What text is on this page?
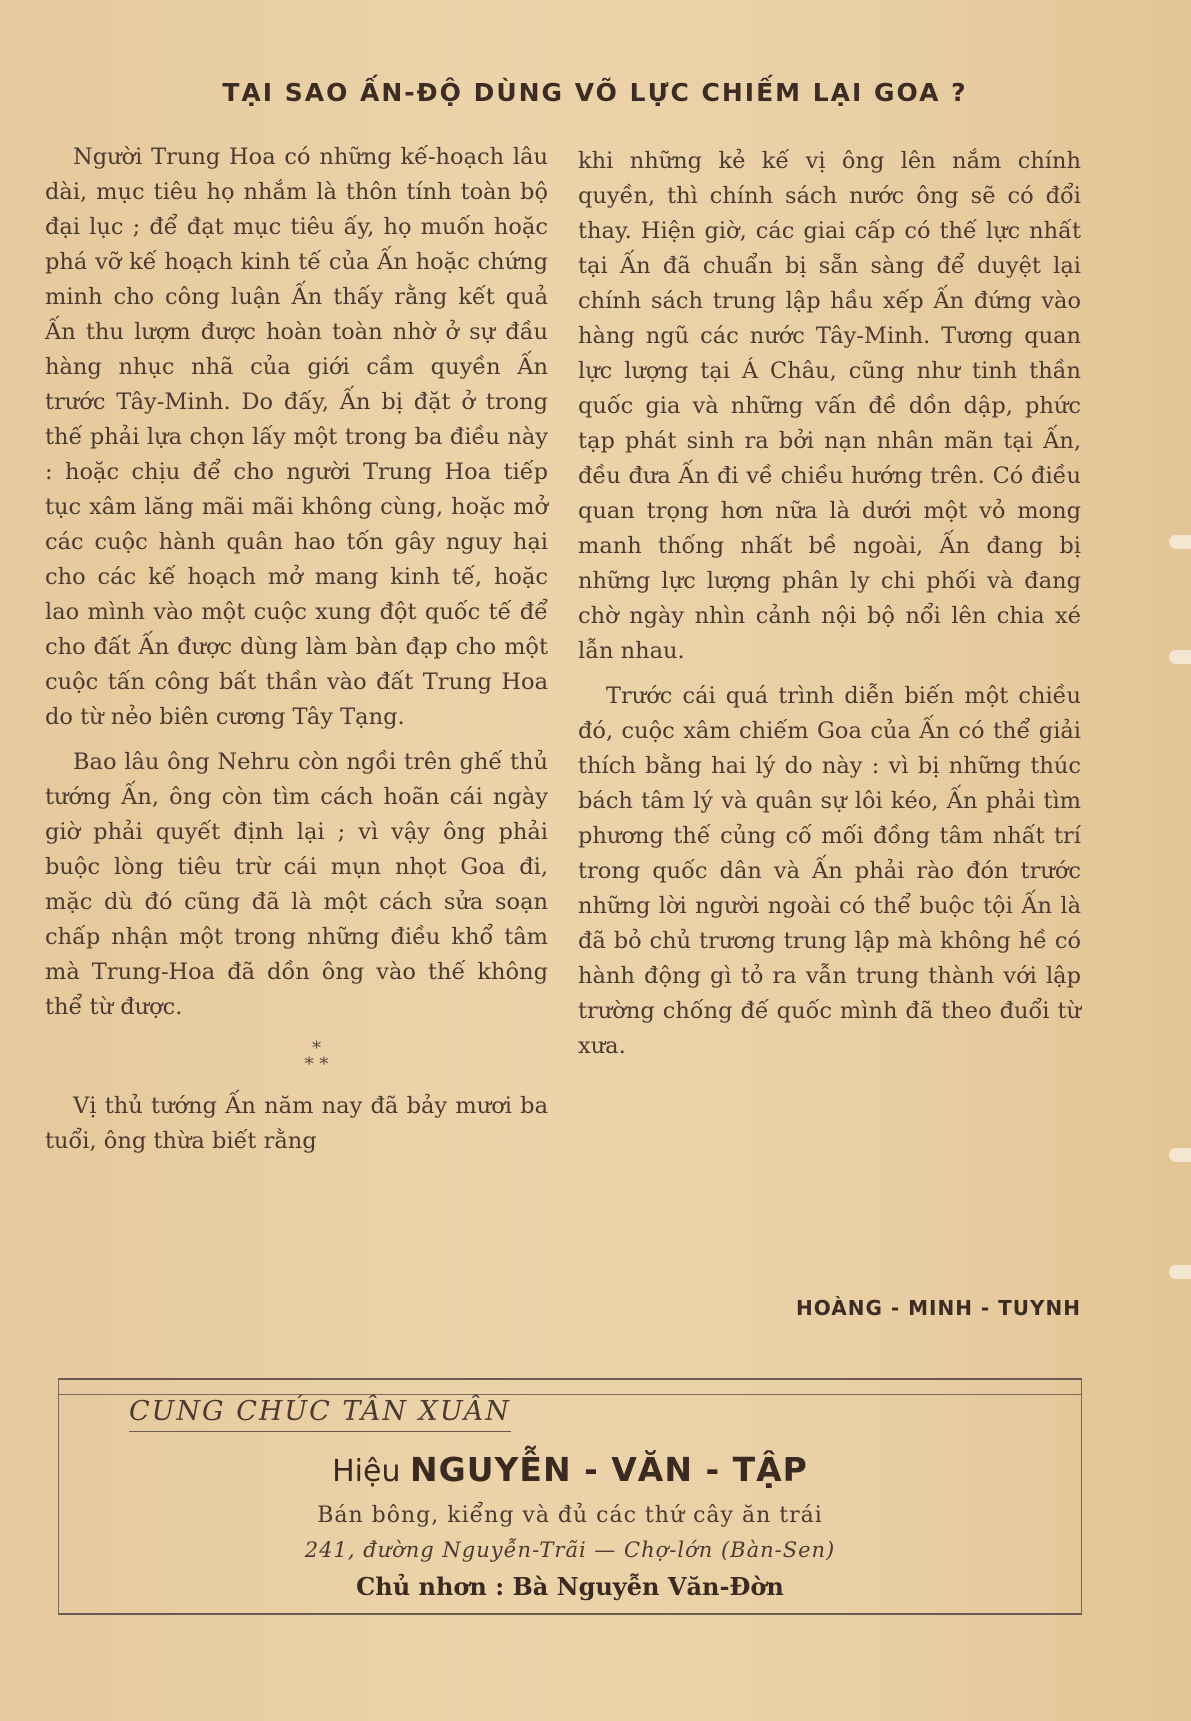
TẠI SAO ẤN-ĐỘ DÙNG VÕ LỰC CHIẾM LẠI GOA ?

Người Trung Hoa có những kế-hoạch lâu dài, mục tiêu họ nhắm là thôn tính toàn bộ đại lục ; để đạt mục tiêu ấy, họ muốn hoặc phá vỡ kế hoạch kinh tế của Ấn hoặc chứng minh cho công luận Ấn thấy rằng kết quả Ấn thu lượm được hoàn toàn nhờ ở sự đầu hàng nhục nhã của giới cầm quyền Ấn trước Tây-Minh. Do đấy, Ấn bị đặt ở trong thế phải lựa chọn lấy một trong ba điều này : hoặc chịu để cho người Trung Hoa tiếp tục xâm lăng mãi mãi không cùng, hoặc mở các cuộc hành quân hao tốn gây nguy hại cho các kế hoạch mở mang kinh tế, hoặc lao mình vào một cuộc xung đột quốc tế để cho đất Ấn được dùng làm bàn đạp cho một cuộc tấn công bất thần vào đất Trung Hoa do từ nẻo biên cương Tây Tạng.

Bao lâu ông Nehru còn ngồi trên ghế thủ tướng Ấn, ông còn tìm cách hoãn cái ngày giờ phải quyết định lại ; vì vậy ông phải buộc lòng tiêu trừ cái mụn nhọt Goa đi, mặc dù đó cũng đã là một cách sửa soạn chấp nhận một trong những điều khổ tâm mà Trung-Hoa đã dồn ông vào thế không thể từ được.

*
* *

Vị thủ tướng Ấn năm nay đã bảy mươi ba tuổi, ông thừa biết rằng

khi những kẻ kế vị ông lên nắm chính quyền, thì chính sách nước ông sẽ có đổi thay. Hiện giờ, các giai cấp có thế lực nhất tại Ấn đã chuẩn bị sẵn sàng để duyệt lại chính sách trung lập hầu xếp Ấn đứng vào hàng ngũ các nước Tây-Minh. Tương quan lực lượng tại Á Châu, cũng như tinh thần quốc gia và những vấn đề dồn dập, phức tạp phát sinh ra bởi nạn nhân mãn tại Ấn, đều đưa Ấn đi về chiều hướng trên. Có điều quan trọng hơn nữa là dưới một vỏ mong manh thống nhất bề ngoài, Ấn đang bị những lực lượng phân ly chi phối và đang chờ ngày nhìn cảnh nội bộ nổi lên chia xé lẫn nhau.

Trước cái quá trình diễn biến một chiều đó, cuộc xâm chiếm Goa của Ấn có thể giải thích bằng hai lý do này : vì bị những thúc bách tâm lý và quân sự lôi kéo, Ấn phải tìm phương thế củng cố mối đồng tâm nhất trí trong quốc dân và Ấn phải rào đón trước những lời người ngoài có thể buộc tội Ấn là đã bỏ chủ trương trung lập mà không hề có hành động gì tỏ ra vẫn trung thành với lập trường chống đế quốc mình đã theo đuổi từ xưa.

HOÀNG - MINH - TUYNH
CUNG CHÚC TÂN XUÂN
Hiệu NGUYỄN - VĂN - TẬP
Bán bông, kiểng và đủ các thứ cây ăn trái
241, đường Nguyễn-Trãi — Chợ-lớn (Bàn-Sen)
Chủ nhơn : Bà Nguyễn Văn-Đờn
